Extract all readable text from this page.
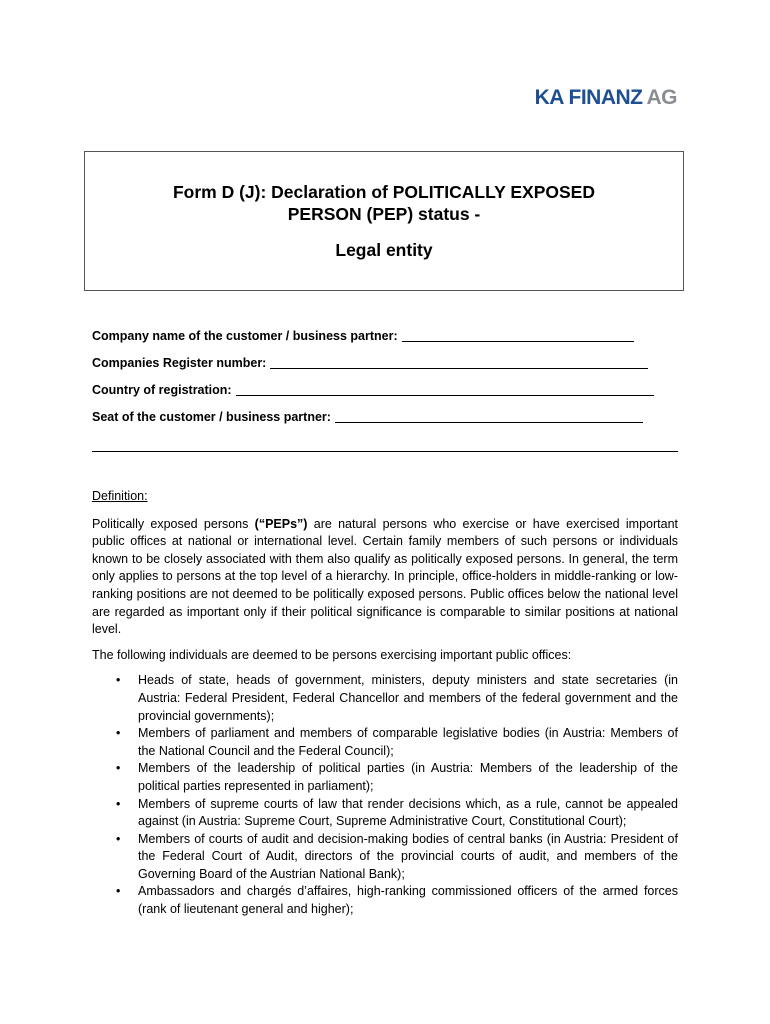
KA FINANZ AG
Form D (J): Declaration of POLITICALLY EXPOSED
PERSON (PEP) status -
Legal entity
Company name of the customer / business partner:
Companies Register number:
Country of registration:
Seat of the customer / business partner:
Definition:

Politically exposed persons (“PEPs”) are natural persons who exercise or have exercised important public offices at national or international level. Certain family members of such persons or individuals known to be closely associated with them also qualify as politically exposed persons. In general, the term only applies to persons at the top level of a hierarchy. In principle, office-holders in middle-ranking or low-ranking positions are not deemed to be politically exposed persons. Public offices below the national level are regarded as important only if their political significance is comparable to similar positions at national level.

The following individuals are deemed to be persons exercising important public offices:

• Heads of state, heads of government, ministers, deputy ministers and state secretaries (in Austria: Federal President, Federal Chancellor and members of the federal government and the provincial governments);
• Members of parliament and members of comparable legislative bodies (in Austria: Members of the National Council and the Federal Council);
• Members of the leadership of political parties (in Austria: Members of the leadership of the political parties represented in parliament);
• Members of supreme courts of law that render decisions which, as a rule, cannot be appealed against (in Austria: Supreme Court, Supreme Administrative Court, Constitutional Court);
• Members of courts of audit and decision-making bodies of central banks (in Austria: President of the Federal Court of Audit, directors of the provincial courts of audit, and members of the Governing Board of the Austrian National Bank);
• Ambassadors and chargés d’affaires, high-ranking commissioned officers of the armed forces (rank of lieutenant general and higher);
